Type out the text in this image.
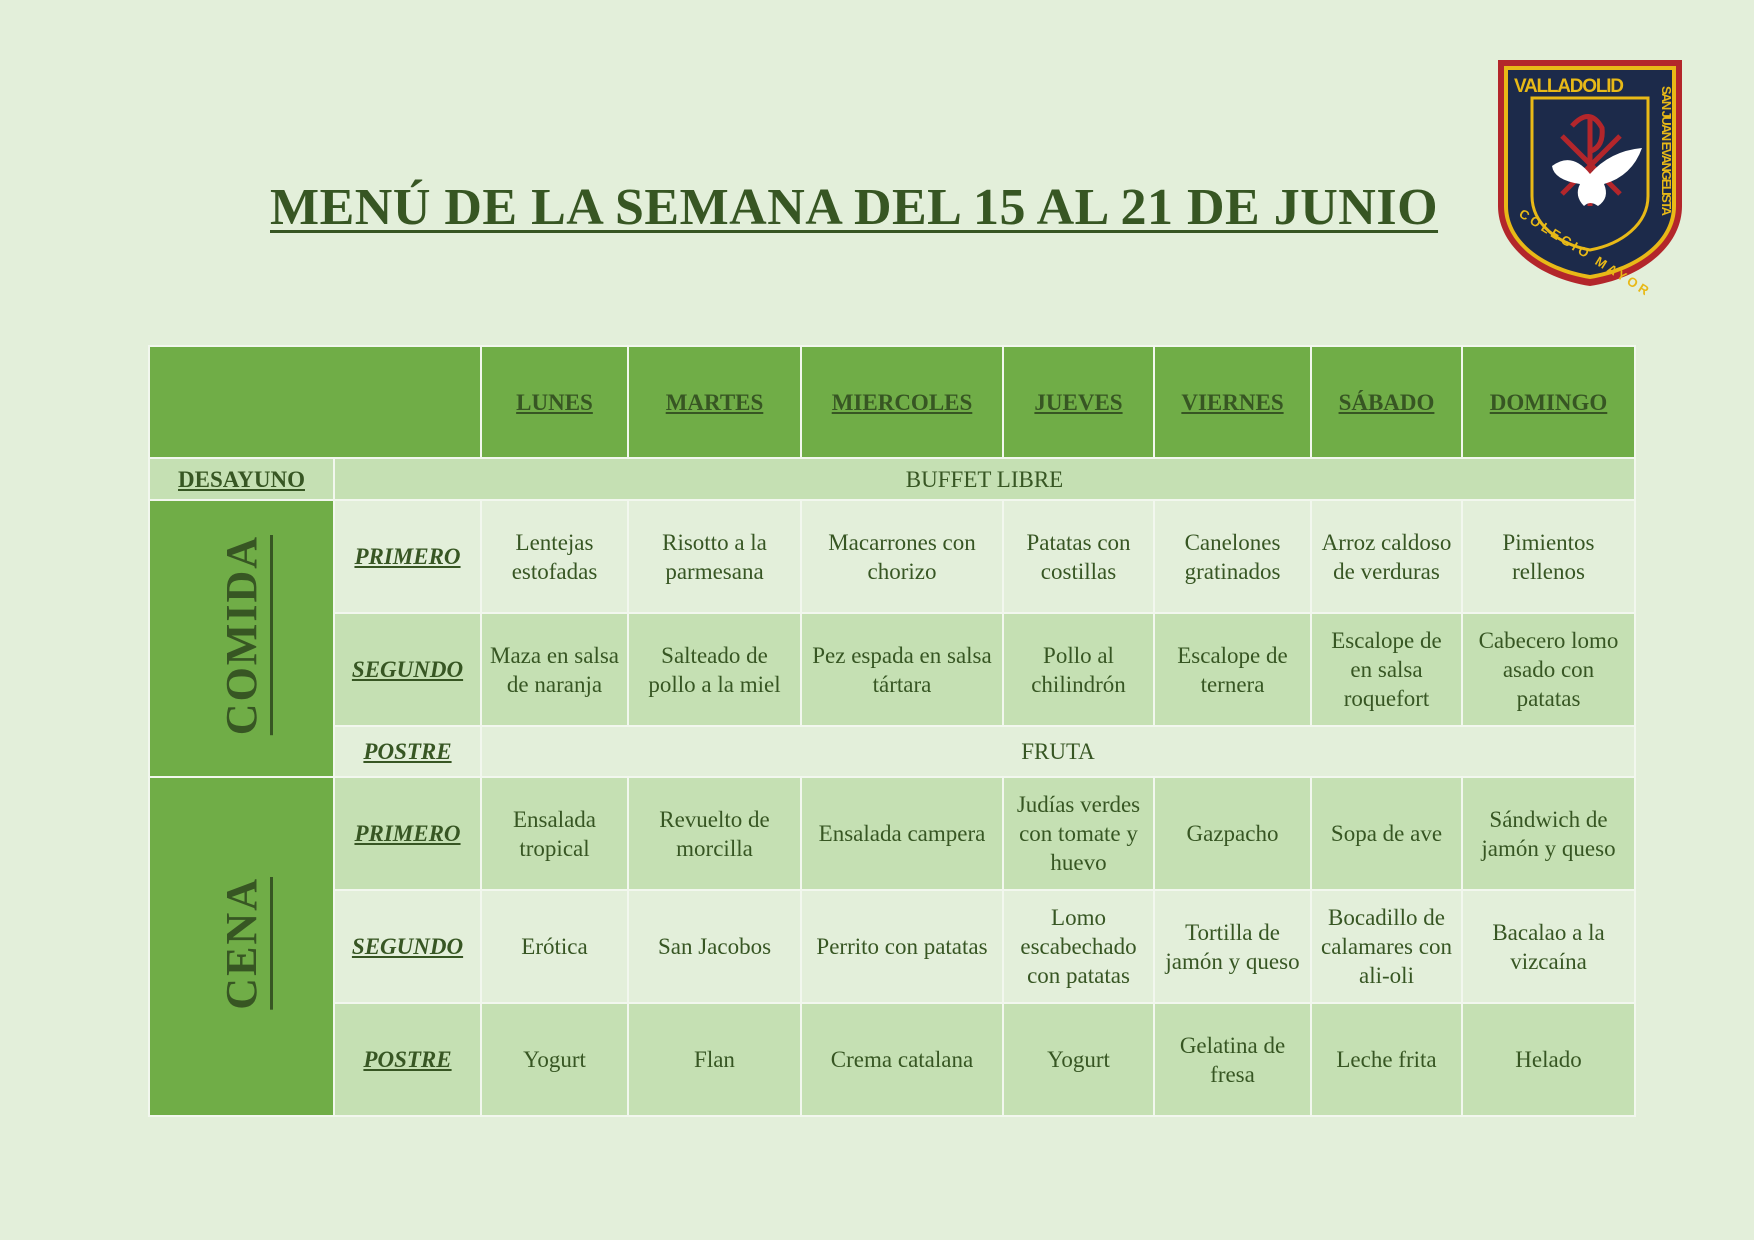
MENÚ DE LA SEMANA DEL 15 AL 21 DE JUNIO
VALLADOLID	SAN JUAN EVANGELISTA
COLEGIO MAYOR
		LUNES	MARTES	MIERCOLES	JUEVES	VIERNES	SÁBADO	DOMINGO
DESAYUNO	BUFFET LIBRE							
COMIDA	PRIMERO	Lentejas estofadas	Risotto a la parmesana	Macarrones con chorizo	Patatas con costillas	Canelones gratinados	Arroz caldoso de verduras	Pimientos rellenos
	SEGUNDO	Maza en salsa de naranja	Salteado de pollo a la miel	Pez espada en salsa tártara	Pollo al chilindrón	Escalope de ternera	Escalope de en salsa roquefort	Cabecero lomo asado con patatas
	POSTRE	FRUTA						
CENA	PRIMERO	Ensalada tropical	Revuelto de morcilla	Ensalada campera	Judías verdes con tomate y huevo	Gazpacho	Sopa de ave	Sándwich de jamón y queso
	SEGUNDO	Erótica	San Jacobos	Perrito con patatas	Lomo escabechado con patatas	Tortilla de jamón y queso	Bocadillo de calamares con ali-oli	Bacalao a la vizcaína
	POSTRE	Yogurt	Flan	Crema catalana	Yogurt	Gelatina de fresa	Leche frita	Helado
